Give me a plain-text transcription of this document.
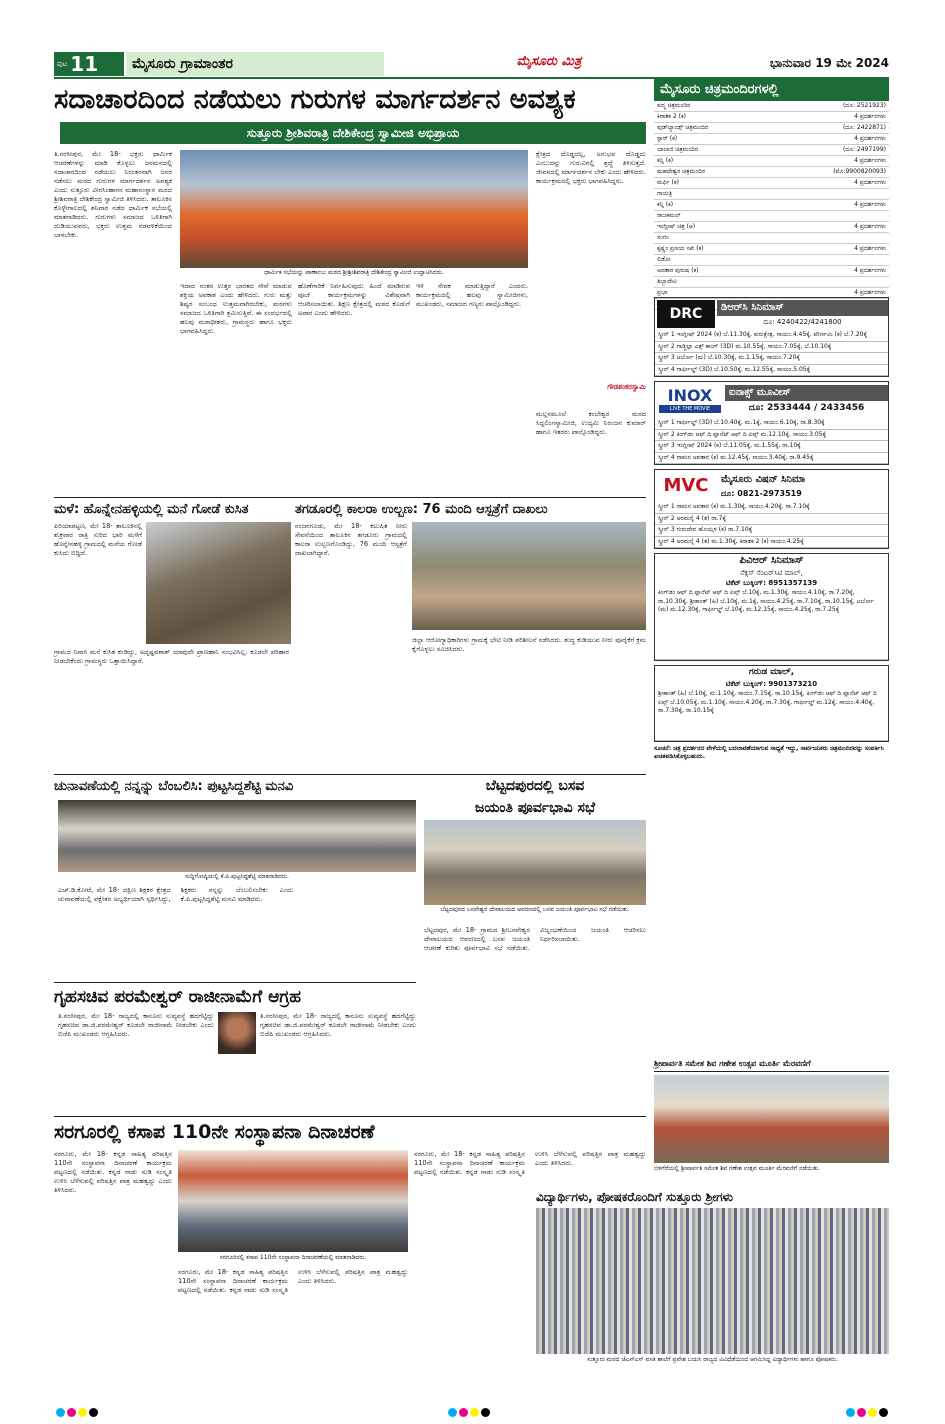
ಪುಟ 11	ಮೈಸೂರು ಗ್ರಾಮಾಂತರ	ಮೈಸೂರು ಮಿತ್ರ	ಭಾನುವಾರ 19 ಮೇ 2024
ಸದಾಚಾರದಿಂದ ನಡೆಯಲು ಗುರುಗಳ ಮಾರ್ಗದರ್ಶನ ಅವಶ್ಯಕ
ಸುತ್ತೂರು ಶ್ರೀಶಿವರಾತ್ರಿ ದೇಶಿಕೇಂದ್ರ ಸ್ವಾಮೀಜಿ ಅಭಿಪ್ರಾಯ
ತಿ.ನರಸೀಪುರ, ಮೇ 18- ಭಕ್ತರು ಧಾರ್ಮಿಕ ಆಚರಣೆಗಳನ್ನು ಮಾಡಿ ಕೊಳ್ಳಲು ಜನಮನದಲ್ಲಿ ಸದಾಚಾರದಿಂದ ನಡೆಯಲು ನಿರಂತರವಾಗಿ ಜನರ ನಡೆಸಲು ಮಠದ ಗುರುಗಳ ಮಾರ್ಗದರ್ಶನ ಅವಶ್ಯಕ ಎಂದು ಸುತ್ತೂರು ವೀರಸಿಂಹಾಸನ ಮಹಾಸಂಸ್ಥಾನ ಮಠದ ಶ್ರೀಶಿವರಾತ್ರಿ ದೇಶಿಕೇಂದ್ರ ಸ್ವಾಮೀಜಿ ತಿಳಿಸಿದರು. ತಾಲೂಕಿನ ಕೊಳ್ಳೇಗಾಲದಲ್ಲಿ ಶನಿವಾರ ನಡೆದ ಧಾರ್ಮಿಕ ಸಭೆಯಲ್ಲಿ ಮಾತನಾಡಿದರು. ಗುರುಗಳು ಸಮಾಜದ ಒಳಿತಿಗಾಗಿ ದುಡಿಯುವವರು, ಭಕ್ತರು ಉತ್ತಮ ನಡವಳಿಕೆಯಿಂದ ಬಾಳಬೇಕು.
ಧಾರ್ಮಿಕ ಸಭೆಯನ್ನು ಪಾಣಾಂಬು ಮಠದ ಶ್ರೀಶ್ರೀಶಿವರಾತ್ರಿ ದೇಶಿಕೇಂದ್ರ ಸ್ವಾಮೀಜಿ ಉದ್ಘಾಟಿಸಿದರು.
ಇದಾದ ನಂತರ ಉತ್ತರ ಭಾರತದ ಸೇವೆ ಮಾಡುವ ಶಕ್ತಿಯ ಅವಕಾಶ ಎಂದು ಹೇಳಿದರು. ಗುರು ಮತ್ತು ಶಿಷ್ಯರ ಸಂಬಂಧ ಉತ್ತಮವಾಗಿರಬೇಕು, ಮಠಗಳು ಸಮಾಜದ ಒಳಿತಿಗಾಗಿ ಶ್ರಮಿಸುತ್ತಿವೆ. ಈ ಸಂದರ್ಭದಲ್ಲಿ ಹಲವು ಮಠಾಧೀಶರು, ಗ್ರಾಮಸ್ಥರು ಹಾಗೂ ಭಕ್ತರು ಭಾಗವಹಿಸಿದ್ದರು.
ಹೊಣೆಗಾರಿಕೆ ನಿರ್ವಹಿಸುವುದು ಹಿಂದೆ ಮಾಡಿರುವ ಪೂಜೆ ಕಾರ್ಯಕ್ರಮಗಳನ್ನು ವಿಶೇಷವಾಗಿ ಆಚರಿಸಲಾಯಿತು. ಶಿಕ್ಷಣ ಕ್ಷೇತ್ರದಲ್ಲಿ ಮಠದ ಕೊಡುಗೆ ಅಪಾರ ಎಂದು ಹೇಳಿದರು.
ಇಳಿ ಸೇವಕ ಮಾಡುತ್ತಿದ್ದಾರೆ ಎಂದರು. ಕಾರ್ಯಕ್ರಮದಲ್ಲಿ ಹಲವು ಸ್ವಾಮೀಜಿಗಳು, ಮುಖಂಡರು, ಸಮಾಜದ ಗಣ್ಯರು ಪಾಲ್ಗೊಂಡಿದ್ದರು.
ಕ್ಷೇತ್ರದ ದೊಡ್ಡದಲ್ಲ, ಅನುಭವ ದೊಡ್ಡದು ಎಂಬುದನ್ನು ಗುರುವಿನಲ್ಲಿ ಶ್ರದ್ಧೆ ತಿಳಿಸುತ್ತದೆ. ಜೀವನದಲ್ಲಿ ಮಾರ್ಗದರ್ಶನ ಬೇಕು ಎಂದು ಹೇಳಿದರು. ಕಾರ್ಯಕ್ರಮದಲ್ಲಿ ಭಕ್ತರು ಭಾಗವಹಿಸಿದ್ದರು.
ಗೌಡಶಂಕರಸ್ವಾಮಿ
ಮಲ್ಲನಮೂಲೆ ಕಂಬೇಶ್ವರ ಮಠದ ಸಿದ್ದಲಿಂಗಸ್ವಾಮೀಜಿ, ಉದ್ಯಮಿ ನಿರಂಜನ ಕುಮಾರ್ ಹಾಗೂ ಇತರರು ಪಾಲ್ಗೊಂಡಿದ್ದರು.
ಮಳೆ: ಹೊನ್ನೇನಹಳ್ಳಿಯಲ್ಲಿ ಮನೆ ಗೋಡೆ ಕುಸಿತ
ಪಿರಿಯಾಪಟ್ಟಣ, ಮೇ 18- ತಾಲೂಕಿನಲ್ಲಿ ಶುಕ್ರವಾರ ರಾತ್ರಿ ಸುರಿದ ಭಾರಿ ಮಳೆಗೆ ಹೊನ್ನೇನಹಳ್ಳಿ ಗ್ರಾಮದಲ್ಲಿ ಮನೆಯ ಗೋಡೆ ಕುಸಿದು ಬಿದ್ದಿದೆ.
ಗ್ರಾಮದ ನಿವಾಸಿ ಮನೆ ಕುಸಿತ ಕಂಡಿದ್ದು, ಅದೃಷ್ಟವಶಾತ್ ಯಾವುದೇ ಪ್ರಾಣಹಾನಿ ಸಂಭವಿಸಿಲ್ಲ. ಕೂಡಲೇ ಪರಿಹಾರ ನೀಡಬೇಕೆಂದು ಗ್ರಾಮಸ್ಥರು ಒತ್ತಾಯಿಸಿದ್ದಾರೆ.
ತಗಡೂರಲ್ಲಿ ಕಾಲರಾ ಉಲ್ಬಣ: 76 ಮಂದಿ ಆಸ್ಪತ್ರೆಗೆ ದಾಖಲು
ನಂಜನಗೂಡು, ಮೇ 18- ಕಲುಷಿತ ನೀರು ಸೇವನೆಯಿಂದ ತಾಲೂಕಿನ ತಗಡೂರು ಗ್ರಾಮದಲ್ಲಿ ಕಾಲರಾ ಉಲ್ಬಣಗೊಂಡಿದ್ದು, 76 ಮಂದಿ ಆಸ್ಪತ್ರೆಗೆ ದಾಖಲಾಗಿದ್ದಾರೆ.
ಜಿಲ್ಲಾ ಆರೋಗ್ಯಾಧಿಕಾರಿಗಳು ಗ್ರಾಮಕ್ಕೆ ಭೇಟಿ ನೀಡಿ ಪರಿಶೀಲನೆ ನಡೆಸಿದರು. ಶುದ್ಧ ಕುಡಿಯುವ ನೀರು ಪೂರೈಕೆಗೆ ಕ್ರಮ ಕೈಗೊಳ್ಳಲು ಸೂಚಿಸಿದರು.
ಚುನಾವಣೆಯಲ್ಲಿ ನನ್ನನ್ನು ಬೆಂಬಲಿಸಿ: ಪುಟ್ಟಸಿದ್ದಶೆಟ್ಟಿ ಮನವಿ
ಸುದ್ದಿಗೋಷ್ಠಿಯಲ್ಲಿ ಕೆ.ಪಿ.ಪುಟ್ಟಸಿದ್ದಶೆಟ್ಟಿ ಮಾತನಾಡಿದರು.
ಎಚ್.ಡಿ.ಕೋಟೆ, ಮೇ 18- ದಕ್ಷಿಣ ಶಿಕ್ಷಕರ ಕ್ಷೇತ್ರದ ಚುನಾವಣೆಯಲ್ಲಿ ಪಕ್ಷೇತರ ಅಭ್ಯರ್ಥಿಯಾಗಿ ಸ್ಪರ್ಧಿಸಿದ್ದು, ಶಿಕ್ಷಕರು ನನ್ನನ್ನು ಬೆಂಬಲಿಸಬೇಕು ಎಂದು ಕೆ.ಪಿ.ಪುಟ್ಟಸಿದ್ದಶೆಟ್ಟಿ ಮನವಿ ಮಾಡಿದರು.
ಬೆಟ್ಟದಪುರದಲ್ಲಿ ಬಸವ
ಜಯಂತಿ ಪೂರ್ವಭಾವಿ ಸಭೆ
ಬೆಟ್ಟದಪುರದ ಬಸವೇಶ್ವರ ದೇವಾಲಯದ ಆವರಣದಲ್ಲಿ ಬಸವ ಜಯಂತಿ ಪೂರ್ವಭಾವಿ ಸಭೆ ನಡೆಯಿತು.
ಬೆಟ್ಟದಪುರ, ಮೇ 18- ಗ್ರಾಮದ ಶ್ರೀಬಸವೇಶ್ವರ ದೇವಾಲಯದ ಆವರಣದಲ್ಲಿ ಬಸವ ಜಯಂತಿ ಆಚರಣೆ ಕುರಿತು ಪೂರ್ವಭಾವಿ ಸಭೆ ನಡೆಯಿತು. ವಿಜೃಂಭಣೆಯಿಂದ ಜಯಂತಿ ಆಚರಿಸಲು ನಿರ್ಧರಿಸಲಾಯಿತು.
ಗೃಹಸಚಿವ ಪರಮೇಶ್ವರ್ ರಾಜೀನಾಮೆಗೆ ಆಗ್ರಹ
ತಿ.ನರಸೀಪುರ, ಮೇ 18- ರಾಜ್ಯದಲ್ಲಿ ಕಾನೂನು ಸುವ್ಯವಸ್ಥೆ ಹದಗೆಟ್ಟಿದ್ದು ಗೃಹಸಚಿವ ಡಾ.ಜಿ.ಪರಮೇಶ್ವರ್ ಕೂಡಲೇ ರಾಜೀನಾಮೆ ನೀಡಬೇಕು ಎಂದು ಬಿಜೆಪಿ ಮುಖಂಡರು ಆಗ್ರಹಿಸಿದರು.
ತಿ.ನರಸೀಪುರ, ಮೇ 18- ರಾಜ್ಯದಲ್ಲಿ ಕಾನೂನು ಸುವ್ಯವಸ್ಥೆ ಹದಗೆಟ್ಟಿದ್ದು ಗೃಹಸಚಿವ ಡಾ.ಜಿ.ಪರಮೇಶ್ವರ್ ಕೂಡಲೇ ರಾಜೀನಾಮೆ ನೀಡಬೇಕು ಎಂದು ಬಿಜೆಪಿ ಮುಖಂಡರು ಆಗ್ರಹಿಸಿದರು.
ಸರಗೂರಲ್ಲಿ ಕಸಾಪ 110ನೇ ಸಂಸ್ಥಾಪನಾ ದಿನಾಚರಣೆ
ಸರಗೂರು, ಮೇ 18- ಕನ್ನಡ ಸಾಹಿತ್ಯ ಪರಿಷತ್ತಿನ 110ನೇ ಸಂಸ್ಥಾಪನಾ ದಿನಾಚರಣೆ ಕಾರ್ಯಕ್ರಮ ಪಟ್ಟಣದಲ್ಲಿ ನಡೆಯಿತು. ಕನ್ನಡ ನಾಡು ನುಡಿ ಸಂಸ್ಕೃತಿ ಉಳಿಸಿ ಬೆಳೆಸುವಲ್ಲಿ ಪರಿಷತ್ತಿನ ಪಾತ್ರ ಮಹತ್ವದ್ದು ಎಂದು ತಿಳಿಸಿದರು.
ಸರಗೂರಿನಲ್ಲಿ ಕಸಾಪ 110ನೇ ಸಂಸ್ಥಾಪನಾ ದಿನಾಚರಣೆಯಲ್ಲಿ ಮಾತನಾಡಿದರು.
ಸರಗೂರು, ಮೇ 18- ಕನ್ನಡ ಸಾಹಿತ್ಯ ಪರಿಷತ್ತಿನ 110ನೇ ಸಂಸ್ಥಾಪನಾ ದಿನಾಚರಣೆ ಕಾರ್ಯಕ್ರಮ ಪಟ್ಟಣದಲ್ಲಿ ನಡೆಯಿತು. ಕನ್ನಡ ನಾಡು ನುಡಿ ಸಂಸ್ಕೃತಿ ಉಳಿಸಿ ಬೆಳೆಸುವಲ್ಲಿ ಪರಿಷತ್ತಿನ ಪಾತ್ರ ಮಹತ್ವದ್ದು ಎಂದು ತಿಳಿಸಿದರು.
ಸರಗೂರು, ಮೇ 18- ಕನ್ನಡ ಸಾಹಿತ್ಯ ಪರಿಷತ್ತಿನ 110ನೇ ಸಂಸ್ಥಾಪನಾ ದಿನಾಚರಣೆ ಕಾರ್ಯಕ್ರಮ ಪಟ್ಟಣದಲ್ಲಿ ನಡೆಯಿತು. ಕನ್ನಡ ನಾಡು ನುಡಿ ಸಂಸ್ಕೃತಿ ಉಳಿಸಿ ಬೆಳೆಸುವಲ್ಲಿ ಪರಿಷತ್ತಿನ ಪಾತ್ರ ಮಹತ್ವದ್ದು ಎಂದು ತಿಳಿಸಿದರು.
ಮೈಸೂರು ಚಿತ್ರಮಂದಿರಗಳಲ್ಲಿ
ಪದ್ಮ ಚಿತ್ರಮಂದಿರ	(ದೂ: 2521923)
ಕಿರಾತಕ 2 (ಕ)	4 ಪ್ರದರ್ಶನಗಳು
ವುಡ್‍ಲ್ಯಾಂಡ್ಸ್ ಚಿತ್ರಮಂದಿರ	(ದೂ: 2422871)
ಸ್ಟಾರ್ (ಕ)	4 ಪ್ರದರ್ಶನಗಳು
ಬಾಲಾಜಿ ಚಿತ್ರಮಂದಿರ	(ದೂ: 2497199)
ಕನ್ನಿ (ಕ)	4 ಪ್ರದರ್ಶನಗಳು
ಮಹದೇಶ್ವರ ಚಿತ್ರಮಂದಿರ	(ಮೊ:9900820093)
ಮರ್ಫಿ (ಕ)	4 ಪ್ರದರ್ಶನಗಳು
ಗಾಯತ್ರಿ
ಕನ್ನಿ (ಕ)	4 ಪ್ರದರ್ಶನಗಳು
ರಾಜಕಮಲ್
ಇಂಗ್ಲೀಷ್ ಚಿತ್ರ (ಆ)	4 ಪ್ರದರ್ಶನಗಳು
ಸಂಗಂ
ಕೃಷ್ಣಂ ಪ್ರಣಯ ಸಖಿ (ಕ)	4 ಪ್ರದರ್ಶನಗಳು
ಲಿಡೋ
ಅವತಾರ ಪುರುಷ (ಕ)	4 ಪ್ರದರ್ಶನಗಳು
ತಿಬ್ಬಾದೇವಿ
ಪ್ರಭಾ	4 ಪ್ರದರ್ಶನಗಳು
DRC	ಡಿಆರ್‌ಸಿ ಸಿನಿಮಾಸ್
ದೂ: 4240422/4241800
ಸ್ಕ್ರೀನ್ 1 ಇಂಗ್ಲೀಷ್ 2024 (ಕ) ಬೆ.11.30ಕ್ಕೆ, ಕುರುಕ್ಷೇತ್ರ, ಸಾಯಂ.4.45ಕ್ಕೆ, ಪೌರ್ಣಮಿ (ಕ) ಬೆ.7.20ಕ್ಕೆ
ಸ್ಕ್ರೀನ್ 2 ಗಾಡ್ಜಿಲ್ಲಾ ಎಕ್ಸ್ ಕಾಂಗ್ (3D) ಮ.10.55ಕ್ಕೆ, ಸಾಯಂ.7.05ಕ್ಕೆ, ಬೆ.10.10ಕ್ಕೆ
ಸ್ಕ್ರೀನ್ 3 ಟರ್ಬೋ (ಮ) ಬೆ.10.30ಕ್ಕೆ, ಮ.1.15ಕ್ಕೆ, ಸಾಯಂ.7.20ಕ್ಕೆ
ಸ್ಕ್ರೀನ್ 4 ಗಾರ್ಫೀಲ್ಡ್ (3D) ಬೆ.10.50ಕ್ಕೆ, ಮ.12.55ಕ್ಕೆ, ಸಾಯಂ.5.05ಕ್ಕೆ
INOX
LIVE THE MOVIE
ಐನಾಕ್ಸ್ ಮೂವೀಸ್
ದೂ: 2533444 / 2433456
ಸ್ಕ್ರೀನ್ 1 ಗಾರ್ಫೀಲ್ಡ್ (3D) ಬೆ.10.40ಕ್ಕೆ, ಮ.1ಕ್ಕೆ, ಸಾಯಂ.6.10ಕ್ಕೆ, ರಾ.8.30ಕ್ಕೆ
ಸ್ಕ್ರೀನ್ 2 ಕಿಂಗ್‌ಡಂ ಆಫ್ ದಿ ಪ್ಲಾನೆಟ್ ಆಫ್ ದಿ ಏಪ್ಸ್ ಮ.12.10ಕ್ಕೆ, ಸಾಯಂ.3.05ಕ್ಕೆ
ಸ್ಕ್ರೀನ್ 3 ಇಂಗ್ಲೀಷ್ 2024 (ಕ) ಬೆ.11.05ಕ್ಕೆ, ಮ.1.55ಕ್ಕೆ, ರಾ.10ಕ್ಕೆ
ಸ್ಕ್ರೀನ್ 4 ರಾಮನ ಅವತಾರ (ಕ) ಮ.12.45ಕ್ಕೆ, ಸಾಯಂ.3.40ಕ್ಕೆ, ರಾ.9.45ಕ್ಕೆ
MVC	ಮೈಸೂರು ವಿಷನ್ ಸಿನಿಮಾ
ದೂ: 0821-2973519
ಸ್ಕ್ರೀನ್ 1 ರಾಮನ ಅವತಾರ (ಕ) ಮ.1.30ಕ್ಕೆ, ಸಾಯಂ.4.20ಕ್ಕೆ, ರಾ.7.10ಕ್ಕೆ
ಸ್ಕ್ರೀನ್ 2 ಅರಮನೈ 4 (ತ) ರಾ.7ಕ್ಕೆ
ಸ್ಕ್ರೀನ್ 3 ಗುರುದೇವ ಹೊಯ್ಸಳ (ಕ) ರಾ.7.10ಕ್ಕೆ
ಸ್ಕ್ರೀನ್ 4 ಅರಮನೈ 4 (ತ) ಮ.1.30ಕ್ಕೆ, ಕಿರಾತಕ 2 (ಕ) ಸಾಯಂ.4.25ಕ್ಕೆ
ಪಿವಿಆರ್ ಸಿನಿಮಾಸ್
ನೆಕ್ಸಸ್ ಸೆಂಟರ್‌ಸಿಟಿ ಮಾಲ್,
ಟಿಕೆಟ್ ಬುಕ್ಕಿಂಗ್: 8951357139
ಕಿಂಗ್‌ಡಂ ಆಫ್ ದಿ ಪ್ಲಾನೆಟ್ ಆಫ್ ದಿ ಏಪ್ಸ್ ಬೆ.10ಕ್ಕೆ, ಮ.1.30ಕ್ಕೆ, ಸಾಯಂ.4.10ಕ್ಕೆ, ರಾ.7.20ಕ್ಕೆ, ರಾ.10.30ಕ್ಕೆ, ಶ್ರೀಕಾಂತ್ (ಹಿ) ಬೆ.10ಕ್ಕೆ, ಮ.1ಕ್ಕೆ, ಸಾಯಂ.4.25ಕ್ಕೆ, ರಾ.7.10ಕ್ಕೆ, ರಾ.10.15ಕ್ಕೆ, ಟರ್ಬೋ (ಮ) ಮ.12.30ಕ್ಕೆ, ಗಾರ್ಫೀಲ್ಡ್ ಬೆ.10ಕ್ಕೆ, ಮ.12.15ಕ್ಕೆ, ಸಾಯಂ.4.25ಕ್ಕೆ, ರಾ.7.25ಕ್ಕೆ
ಗರುಡ ಮಾಲ್,
ಟಿಕೆಟ್ ಬುಕ್ಕಿಂಗ್: 9901373210
ಶ್ರೀಕಾಂತ್ (ಹಿ) ಬೆ.10ಕ್ಕೆ, ಮ.1.10ಕ್ಕೆ, ಸಾಯಂ.7.15ಕ್ಕೆ, ರಾ.10.15ಕ್ಕೆ, ಕಿಂಗ್‌ಡಂ ಆಫ್ ದಿ ಪ್ಲಾನೆಟ್ ಆಫ್ ದಿ ಏಪ್ಸ್ ಬೆ.10.05ಕ್ಕೆ, ಮ.1.10ಕ್ಕೆ, ಸಾಯಂ.4.20ಕ್ಕೆ, ರಾ.7.30ಕ್ಕೆ, ಗಾರ್ಫೀಲ್ಡ್ ಮ.12ಕ್ಕೆ, ಸಾಯಂ.4.40ಕ್ಕೆ, ರಾ.7.30ಕ್ಕೆ, ರಾ.10.15ಕ್ಕೆ
ಸೂಚನೆ: ಚಿತ್ರ ಪ್ರದರ್ಶನದ ವೇಳೆಯಲ್ಲಿ ಬದಲಾವಣೆಯಾಗುವ ಸಾಧ್ಯತೆ ಇದ್ದು, ಸಾರ್ವಜನಿಕರು ಚಿತ್ರಮಂದಿರವನ್ನು ಸಂಪರ್ಕಿಸಿ ಖಚಿತಪಡಿಸಿಕೊಳ್ಳಬಹುದು.
ಶ್ರೀಪಾರ್ವತಿ ಸಮೇತ ಶಿವ ಗಣೇಶ ಉತ್ಸವ ಮೂರ್ತಿ ಮೆರವಣಿಗೆ
ಬಿಳಿಗೆರೆಯಲ್ಲಿ ಶ್ರೀಪಾರ್ವತಿ ಸಮೇತ ಶಿವ ಗಣೇಶ ಉತ್ಸವ ಮೂರ್ತಿ ಮೆರವಣಿಗೆ ನಡೆಯಿತು.
ವಿದ್ಯಾರ್ಥಿಗಳು, ಪೋಷಕರೊಂದಿಗೆ ಸುತ್ತೂರು ಶ್ರೀಗಳು
ಸುತ್ತೂರು ಮಠದ ಜೆಎಸ್ಎಸ್ ವಸತಿ ಶಾಲೆಗೆ ಪ್ರವೇಶ ಬಯಸಿ ರಾಜ್ಯದ ವಿವಿಧೆಡೆಯಿಂದ ಆಗಮಿಸಿದ್ದ ವಿದ್ಯಾರ್ಥಿಗಳು ಹಾಗೂ ಪೋಷಕರು.
